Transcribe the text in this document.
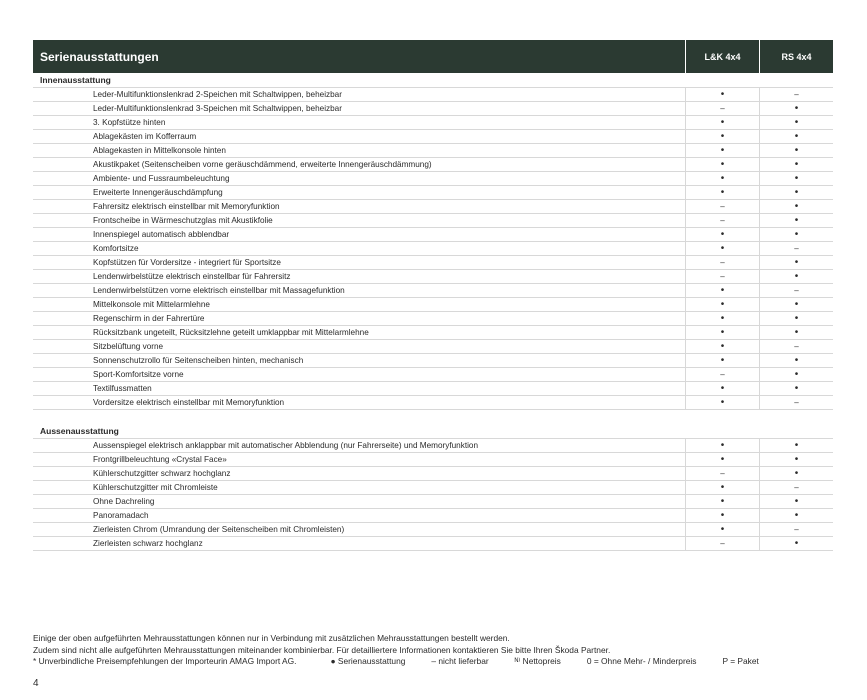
Serienausstattungen	L&K 4x4	RS 4x4
Innenausstattung
Leder-Multifunktionslenkrad 2-Speichen mit Schaltwippen, beheizbar	•	–
Leder-Multifunktionslenkrad 3-Speichen mit Schaltwippen, beheizbar	–	•
3. Kopfstütze hinten	•	•
Ablagekästen im Kofferraum	•	•
Ablagekasten in Mittelkonsole hinten	•	•
Akustikpaket (Seitenscheiben vorne geräuschdämmend, erweiterte Innengeräuschdämmung)	•	•
Ambiente- und Fussraumbeleuchtung	•	•
Erweiterte Innengeräuschdämpfung	•	•
Fahrersitz elektrisch einstellbar mit Memoryfunktion	–	•
Frontscheibe in Wärmeschutzglas mit Akustikfolie	–	•
Innenspiegel automatisch abblendbar	•	•
Komfortsitze	•	–
Kopfstützen für Vordersitze - integriert für Sportsitze	–	•
Lendenwirbelstütze elektrisch einstellbar für Fahrersitz	–	•
Lendenwirbelstützen vorne elektrisch einstellbar mit Massagefunktion	•	–
Mittelkonsole mit Mittelarmlehne	•	•
Regenschirm in der Fahrertüre	•	•
Rücksitzbank ungeteilt, Rücksitzlehne geteilt umklappbar mit Mittelarmlehne	•	•
Sitzbelüftung vorne	•	–
Sonnenschutzrollo für Seitenscheiben hinten, mechanisch	•	•
Sport-Komfortsitze vorne	–	•
Textilfussmatten	•	•
Vordersitze elektrisch einstellbar mit Memoryfunktion	•	–
Aussenausstattung
Aussenspiegel elektrisch anklappbar mit automatischer Abblendung (nur Fahrerseite) und Memoryfunktion	•	•
Frontgrillbeleuchtung «Crystal Face»	•	•
Kühlerschutzgitter schwarz hochglanz	–	•
Kühlerschutzgitter mit Chromleiste	•	–
Ohne Dachreling	•	•
Panoramadach	•	•
Zierleisten Chrom (Umrandung der Seitenscheiben mit Chromleisten)	•	–
Zierleisten schwarz hochglanz	–	•
Einige der oben aufgeführten Mehrausstattungen können nur in Verbindung mit zusätzlichen Mehrausstattungen bestellt werden.
Zudem sind nicht alle aufgeführten Mehrausstattungen miteinander kombinierbar. Für detailliertere Informationen kontaktieren Sie bitte Ihren Škoda Partner.
* Unverbindliche Preisempfehlungen der Importeurin AMAG Import AG.	● Serienausstattung	– nicht lieferbar	ᴺ⁾ Nettopreis	0 = Ohne Mehr- / Minderpreis	P = Paket
4
